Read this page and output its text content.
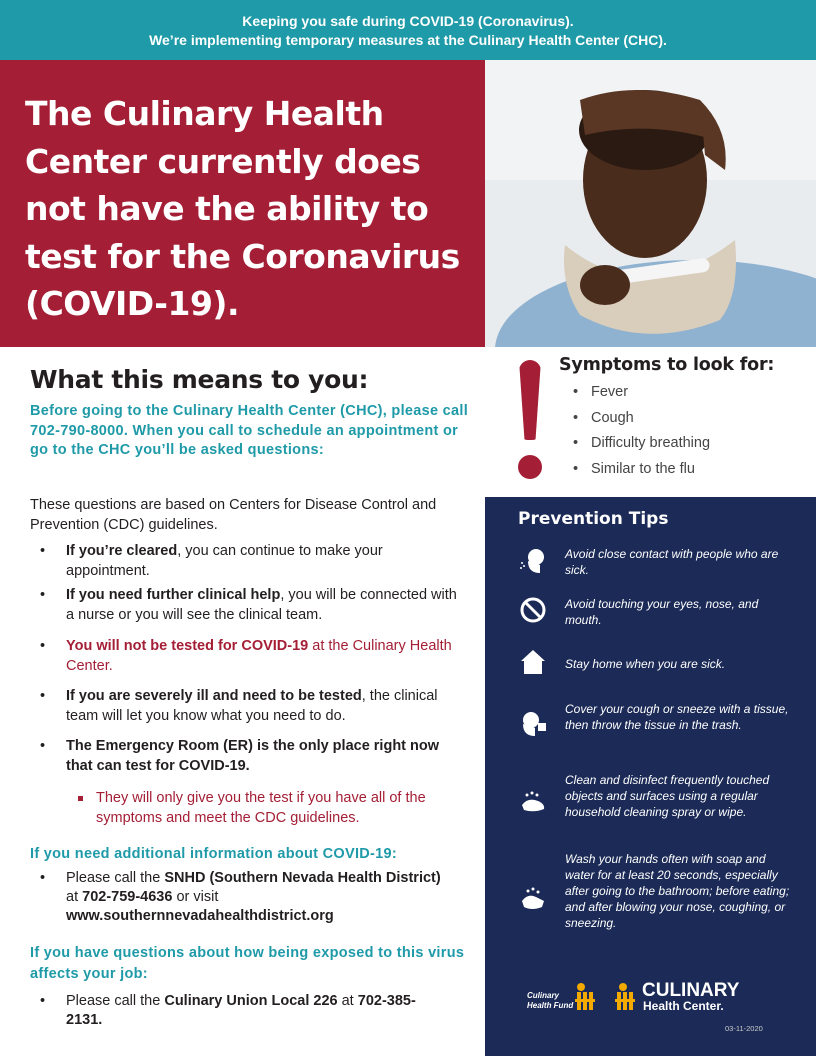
Keeping you safe during COVID-19 (Coronavirus).
We’re implementing temporary measures at the Culinary Health Center (CHC).
The Culinary Health Center currently does not have the ability to test for the Coronavirus (COVID-19).
What this means to you:
Before going to the Culinary Health Center (CHC), please call 702-790-8000. When you call to schedule an appointment or go to the CHC you’ll be asked questions:
These questions are based on Centers for Disease Control and Prevention (CDC) guidelines.
• If you’re cleared, you can continue to make your appointment.
• If you need further clinical help, you will be connected with a nurse or you will see the clinical team.
• You will not be tested for COVID-19 at the Culinary Health Center.
• If you are severely ill and need to be tested, the clinical team will let you know what you need to do.
• The Emergency Room (ER) is the only place right now that can test for COVID-19.
They will only give you the test if you have all of the symptoms and meet the CDC guidelines.
If you need additional information about COVID-19:
• Please call the SNHD (Southern Nevada Health District) at 702-759-4636 or visit www.southernnevadahealthdistrict.org
If you have questions about how being exposed to this virus affects your job:
• Please call the Culinary Union Local 226 at 702-385-2131.
Symptoms to look for:
• Fever
• Cough
• Difficulty breathing
• Similar to the flu
Prevention Tips
Avoid close contact with people who are sick.
Avoid touching your eyes, nose, and mouth.
Stay home when you are sick.
Cover your cough or sneeze with a tissue, then throw the tissue in the trash.
Clean and disinfect frequently touched objects and surfaces using a regular household cleaning spray or wipe.
Wash your hands often with soap and water for at least 20 seconds, especially after going to the bathroom; before eating; and after blowing your nose, coughing, or sneezing.
Culinary
Health Fund
CULINARY
Health Center.
03-11-2020
